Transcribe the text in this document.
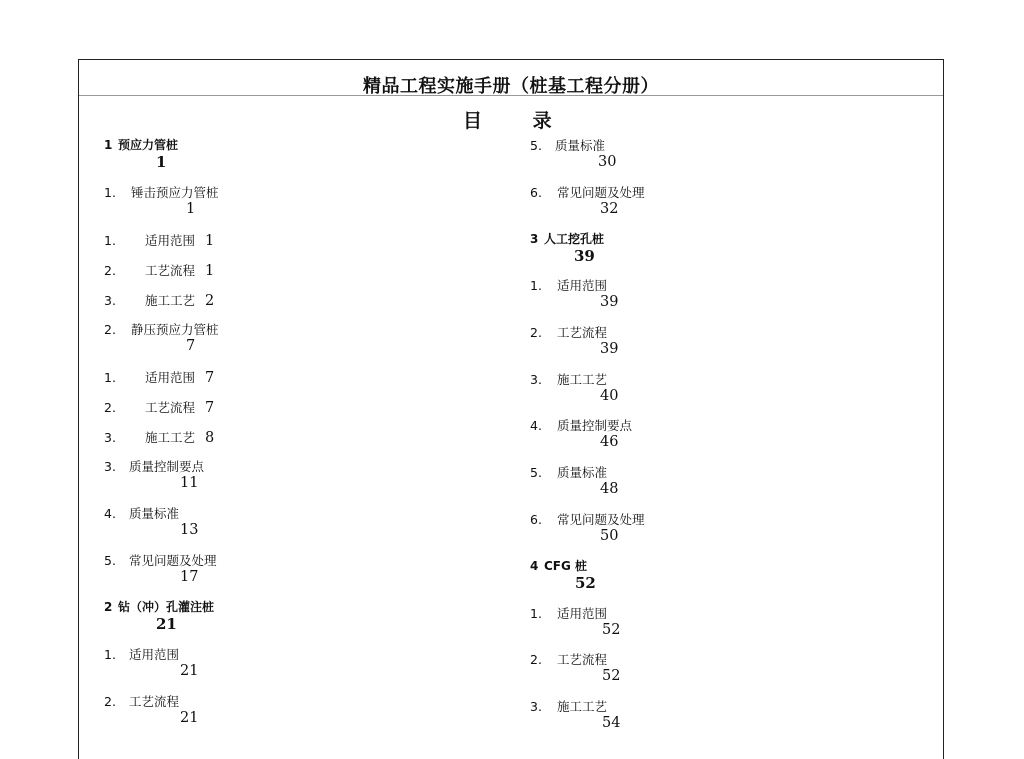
精品工程实施手册（桩基工程分册）
目 录
1 预应力管桩
1
1. 锤击预应力管桩
1
1. 适用范围 1
2. 工艺流程 1
3. 施工工艺 2
2. 静压预应力管桩
7
1. 适用范围 7
2. 工艺流程 7
3. 施工工艺 8
3. 质量控制要点
11
4. 质量标准
13
5. 常见问题及处理
17
2 钻（冲）孔灌注桩
21
1. 适用范围
21
2. 工艺流程
21
5. 质量标准
30
6. 常见问题及处理
32
3 人工挖孔桩
39
1. 适用范围
39
2. 工艺流程
39
3. 施工工艺
40
4. 质量控制要点
46
5. 质量标准
48
6. 常见问题及处理
50
4 CFG 桩
52
1. 适用范围
52
2. 工艺流程
52
3. 施工工艺
54
